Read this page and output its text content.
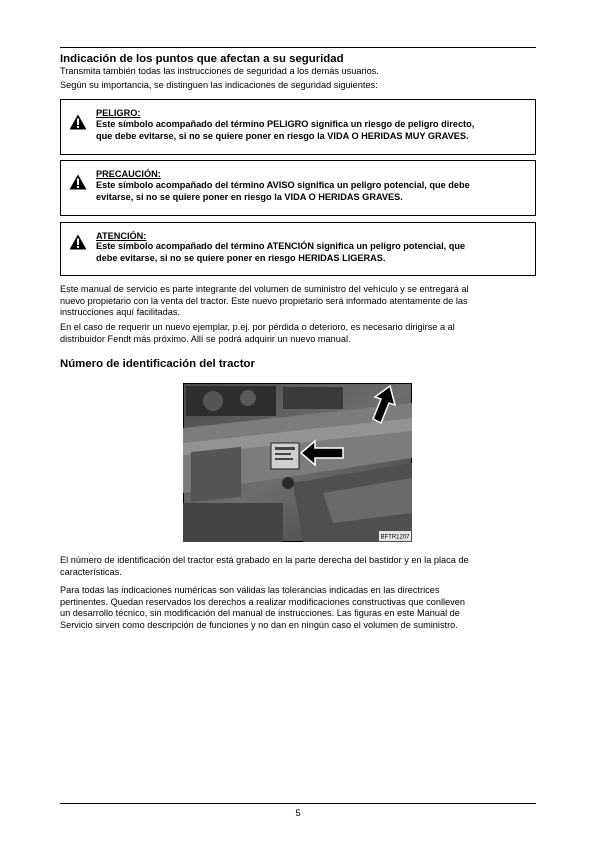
Indicación de los puntos que afectan a su seguridad
Transmita también todas las instrucciones de seguridad a los demás usuarios.
Según su importancia, se distinguen las indicaciones de seguridad siguientes:
PELIGRO:
Este símbolo acompañado del término PELIGRO significa un riesgo de peligro directo,
que debe evitarse, si no se quiere poner en riesgo la VIDA O HERIDAS MUY GRAVES.
PRECAUCIÓN:
Este símbolo acompañado del término AVISO significa un peligro potencial, que debe
evitarse, si no se quiere poner en riesgo la VIDA O HERIDAS GRAVES.
ATENCIÓN:
Este símbolo acompañado del término ATENCIÓN significa un peligro potencial, que
debe evitarse, si no se quiere poner en riesgo HERIDAS LIGERAS.
Este manual de servicio es parte integrante del volumen de suministro del vehículo y se entregará al
nuevo propietario con la venta del tractor. Este nuevo propietario será informado atentamente de las
instrucciones aquí facilitadas.
En el caso de requerir un nuevo ejemplar, p.ej. por pérdida o deterioro, es necesario dirigirse a al
distribuidor Fendt más próximo. Allí se podrá adquirir un nuevo manual.
Número de identificación del tractor
BFTR1207
El número de identificación del tractor está grabado en la parte derecha del bastidor y en la placa de
características.
Para todas las indicaciones numéricas son válidas las tolerancias indicadas en las directrices
pertinentes. Quedan reservados los derechos a realizar modificaciones constructivas que conlleven
un desarrollo técnico, sin modificación del manual de instrucciones. Las figuras en este Manual de
Servicio sirven como descripción de funciones y no dan en ningún caso el volumen de suministro.
5
